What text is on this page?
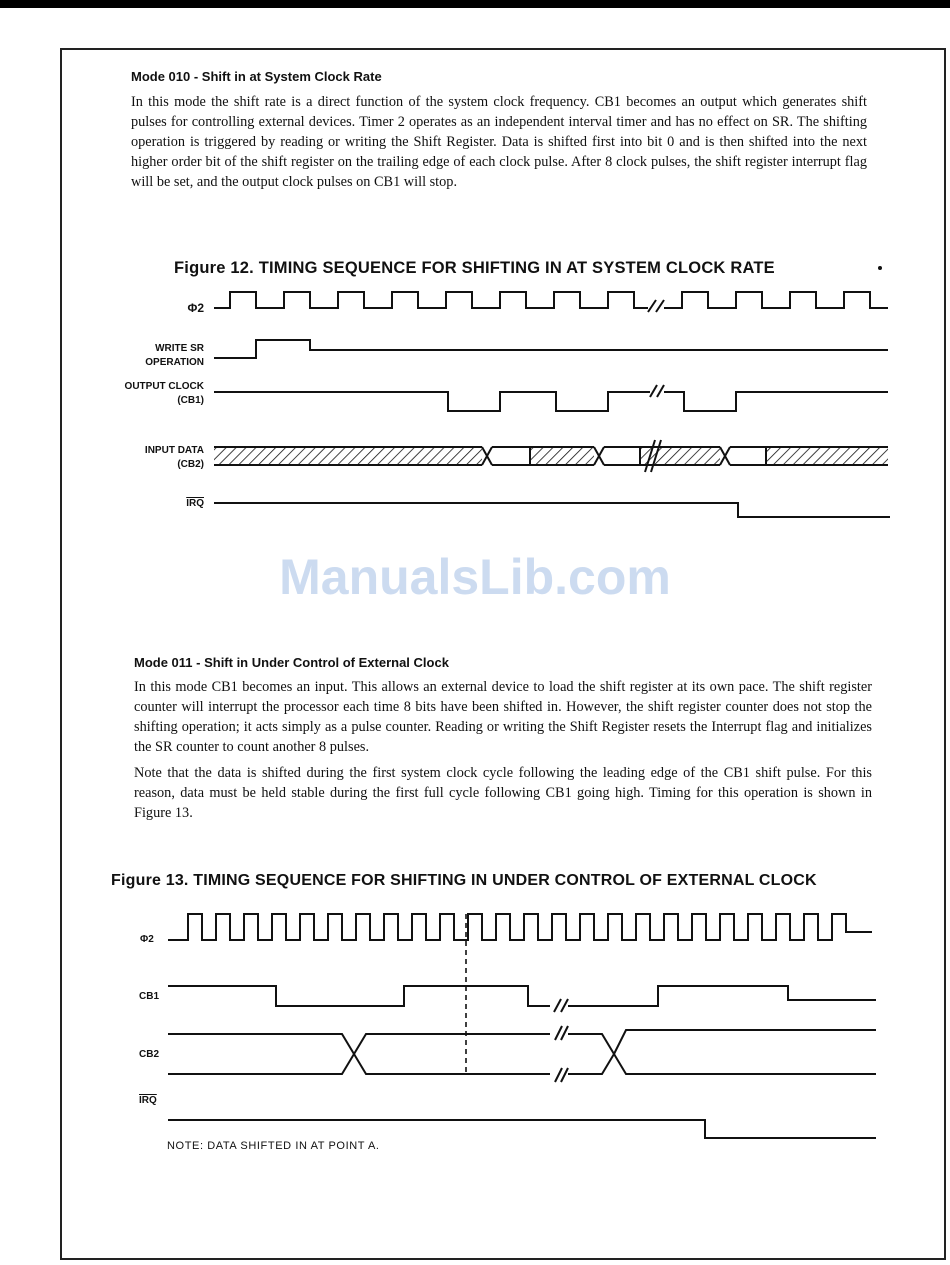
Mode 010 - Shift in at System Clock Rate

In this mode the shift rate is a direct function of the system clock frequency. CB1 becomes an output which generates shift pulses for controlling external devices. Timer 2 operates as an independent interval timer and has no effect on SR. The shifting operation is triggered by reading or writing the Shift Register. Data is shifted first into bit 0 and is then shifted into the next higher order bit of the shift register on the trailing edge of each clock pulse. After 8 clock pulses, the shift register interrupt flag will be set, and the output clock pulses on CB1 will stop.

Figure 12. TIMING SEQUENCE FOR SHIFTING IN AT SYSTEM CLOCK RATE
Φ2
WRITE SR
OPERATION
OUTPUT CLOCK
(CB1)
INPUT DATA
(CB2)
$\overline{IRQ}$
ManualsLib.com
Mode 011 - Shift in Under Control of External Clock

In this mode CB1 becomes an input. This allows an external device to load the shift register at its own pace. The shift register counter will interrupt the processor each time 8 bits have been shifted in. However, the shift register counter does not stop the shifting operation; it acts simply as a pulse counter. Reading or writing the Shift Register resets the Interrupt flag and initializes the SR counter to count another 8 pulses.

Note that the data is shifted during the first system clock cycle following the leading edge of the CB1 shift pulse. For this reason, data must be held stable during the first full cycle following CB1 going high. Timing for this operation is shown in Figure 13.

Figure 13. TIMING SEQUENCE FOR SHIFTING IN UNDER CONTROL OF EXTERNAL CLOCK
Φ2
CB1
CB2
$\overline{IRQ}$
NOTE: DATA SHIFTED IN AT POINT A.
